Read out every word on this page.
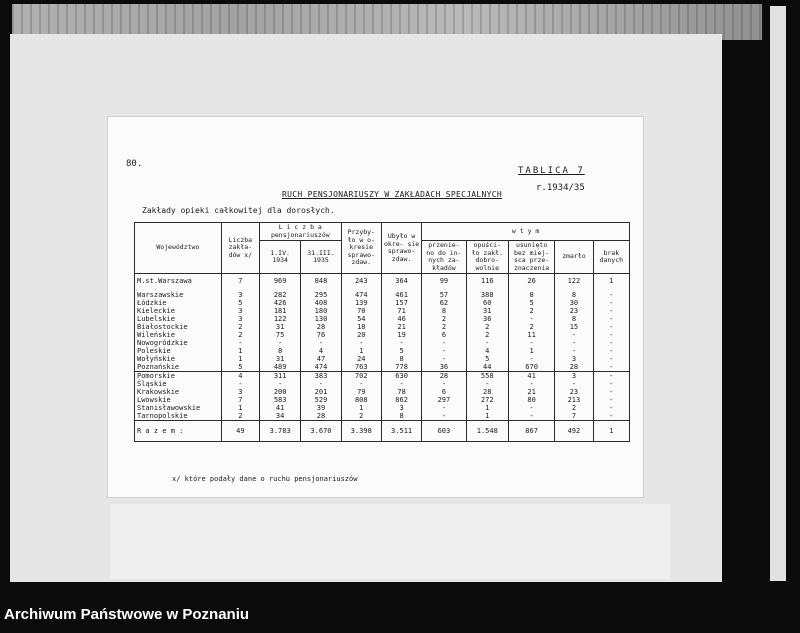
80.
TABLICA 7
r.1934/35
RUCH PENSJONARIUSZY W ZAKŁADACH SPECJALNYCH
Zakłady opieki całkowitej dla dorosłych.
Województwo	Liczba zakła- dów x/	L i c z b a pensjonariuszów		Przyby- ło w o- kresie sprawo- zdaw.	Ubyło w okre- sie sprawo- zdaw.	w t y m				
		1.IV. 1934	31.III. 1935			przenie- no do in- nych za- kładów	opuści- ło zakł. dobro- wolnie	usunięto bez miej- sca prze- znaczenia	zmarło	brak danych
M.st.Warszawa	7	969	848	243	364	99	116	26	122	1

Warszawskie	3	282	295	474	461	57	388	8	8	-
Łódzkie	5	426	408	139	157	62	60	5	30	-
Kieleckie	3	181	180	70	71	8	31	2	23	-
Lubelskie	3	122	130	54	46	2	36	-	8	-
Białostockie	2	31	28	18	21	2	2	2	15	-
Wileńskie	2	75	76	20	19	6	2	11	-	-
Nowogródzkie	-	-	-	-	-	-	-	-	-	-
Poleskie	1	8	4	1	5	-	4	1	-	-
Wołyńskie	1	31	47	24	8	-	5	-	3	-
Poznańskie	5	489	474	763	778	36	44	670	28	-
Pomorskie	4	311	383	702	630	28	558	41	3	-
Śląskie	-	-	-	-	-	-	-	-	-	-
Krakowskie	3	200	201	79	78	6	28	21	23	-
Lwowskie	7	583	529	808	862	297	272	80	213	-
Stanisławowskie	1	41	39	1	3	-	1	-	2	-
Tarnopolskie	2	34	28	2	8	-	1	-	7	-
R a z e m :	49	3.783	3.670	3.398	3.511	603	1.548	867	492	1
x/ które podały dane o ruchu pensjonariuszów
Archiwum Państwowe w Poznaniu
